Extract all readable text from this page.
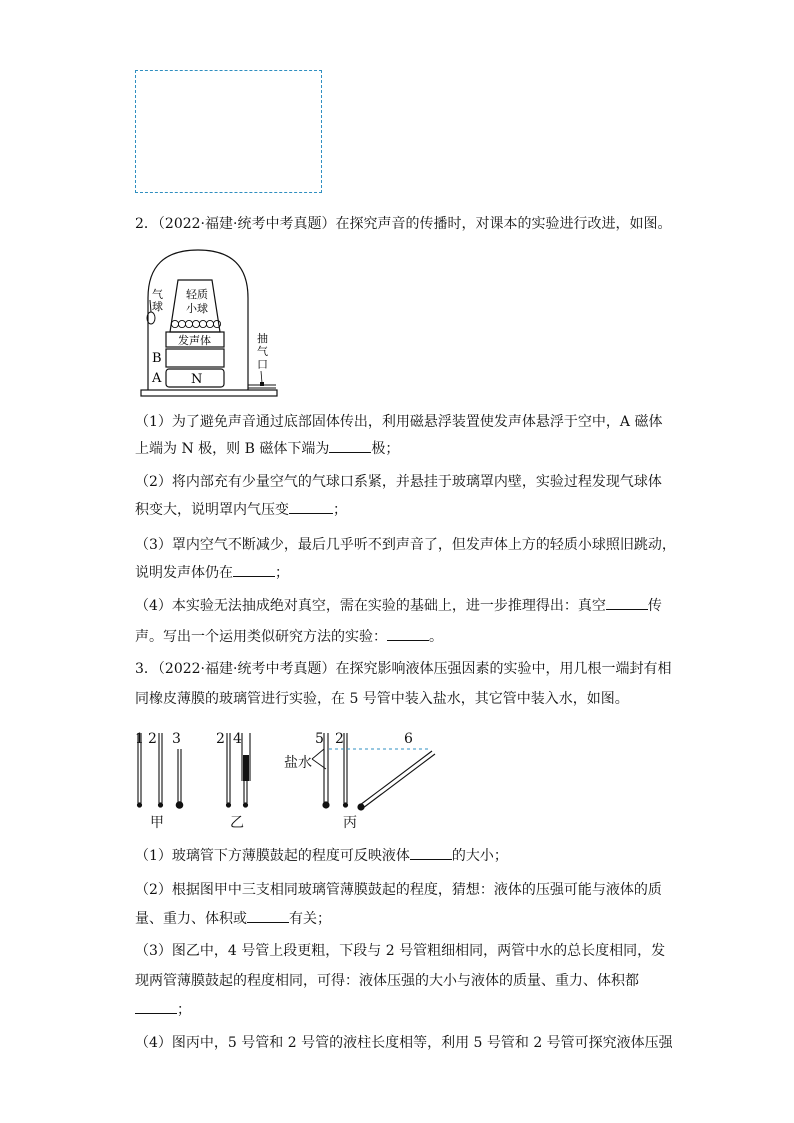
2．（2022·福建·统考中考真题）在探究声音的传播时，对课本的实验进行改进，如图。
气
球
轻质
小球
发声体
B
A N
抽
气
口
（1）为了避免声音通过底部固体传出，利用磁悬浮装置使发声体悬浮于空中，A 磁体
上端为 N 极，则 B 磁体下端为	极；
（2）将内部充有少量空气的气球口系紧，并悬挂于玻璃罩内壁，实验过程发现气球体
积变大，说明罩内气压变	；
（3）罩内空气不断减少，最后几乎听不到声音了，但发声体上方的轻质小球照旧跳动，
说明发声体仍在	；
（4）本实验无法抽成绝对真空，需在实验的基础上，进一步推理得出：真空	传
声。写出一个运用类似研究方法的实验：	。
3．（2022·福建·统考中考真题）在探究影响液体压强因素的实验中，用几根一端封有相
同橡皮薄膜的玻璃管进行实验，在 5 号管中装入盐水，其它管中装入水，如图。
1 2 3	2 4	5 2	6
盐水
甲	乙	丙
（1）玻璃管下方薄膜鼓起的程度可反映液体	的大小；
（2）根据图甲中三支相同玻璃管薄膜鼓起的程度，猜想：液体的压强可能与液体的质
量、重力、体积或	有关；
（3）图乙中，4 号管上段更粗，下段与 2 号管粗细相同，两管中水的总长度相同，发
现两管薄膜鼓起的程度相同，可得：液体压强的大小与液体的质量、重力、体积都
；
（4）图丙中，5 号管和 2 号管的液柱长度相等，利用 5 号管和 2 号管可探究液体压强
